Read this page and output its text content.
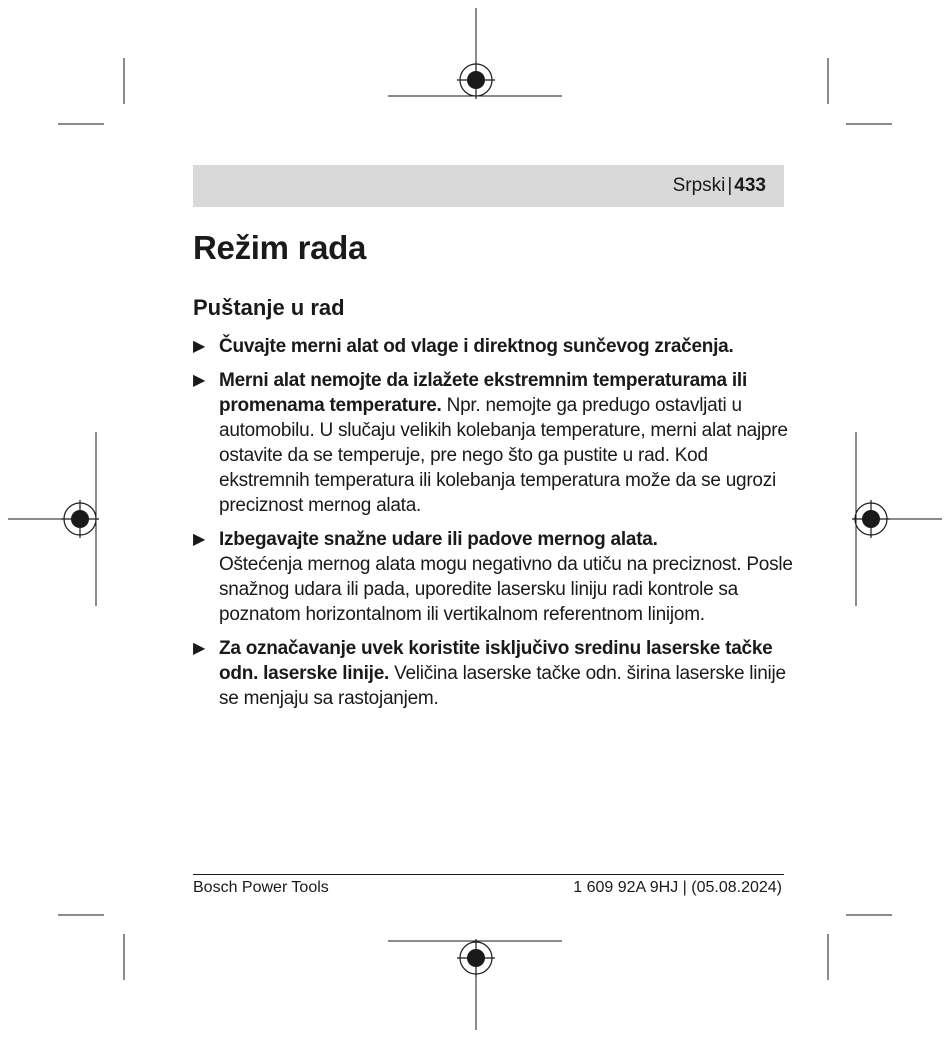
Srpski | 433
Režim rada
Puštanje u rad
▶ Čuvajte merni alat od vlage i direktnog sunčevog zračenja.
▶ Merni alat nemojte da izlažete ekstremnim temperaturama ili promenama temperature. Npr. nemojte ga predugo ostavljati u automobilu. U slučaju velikih kolebanja temperature, merni alat najpre ostavite da se temperuje, pre nego što ga pustite u rad. Kod ekstremnih temperatura ili kolebanja temperatura može da se ugrozi preciznost mernog alata.
▶ Izbegavajte snažne udare ili padove mernog alata.
Oštećenja mernog alata mogu negativno da utiču na preciznost. Posle snažnog udara ili pada, uporedite lasersku liniju radi kontrole sa poznatom horizontalnom ili vertikalnom referentnom linijom.
▶ Za označavanje uvek koristite isključivo sredinu laserske tačke odn. laserske linije. Veličina laserske tačke odn. širina laserske linije se menjaju sa rastojanjem.
Bosch Power Tools	1 609 92A 9HJ | (05.08.2024)
